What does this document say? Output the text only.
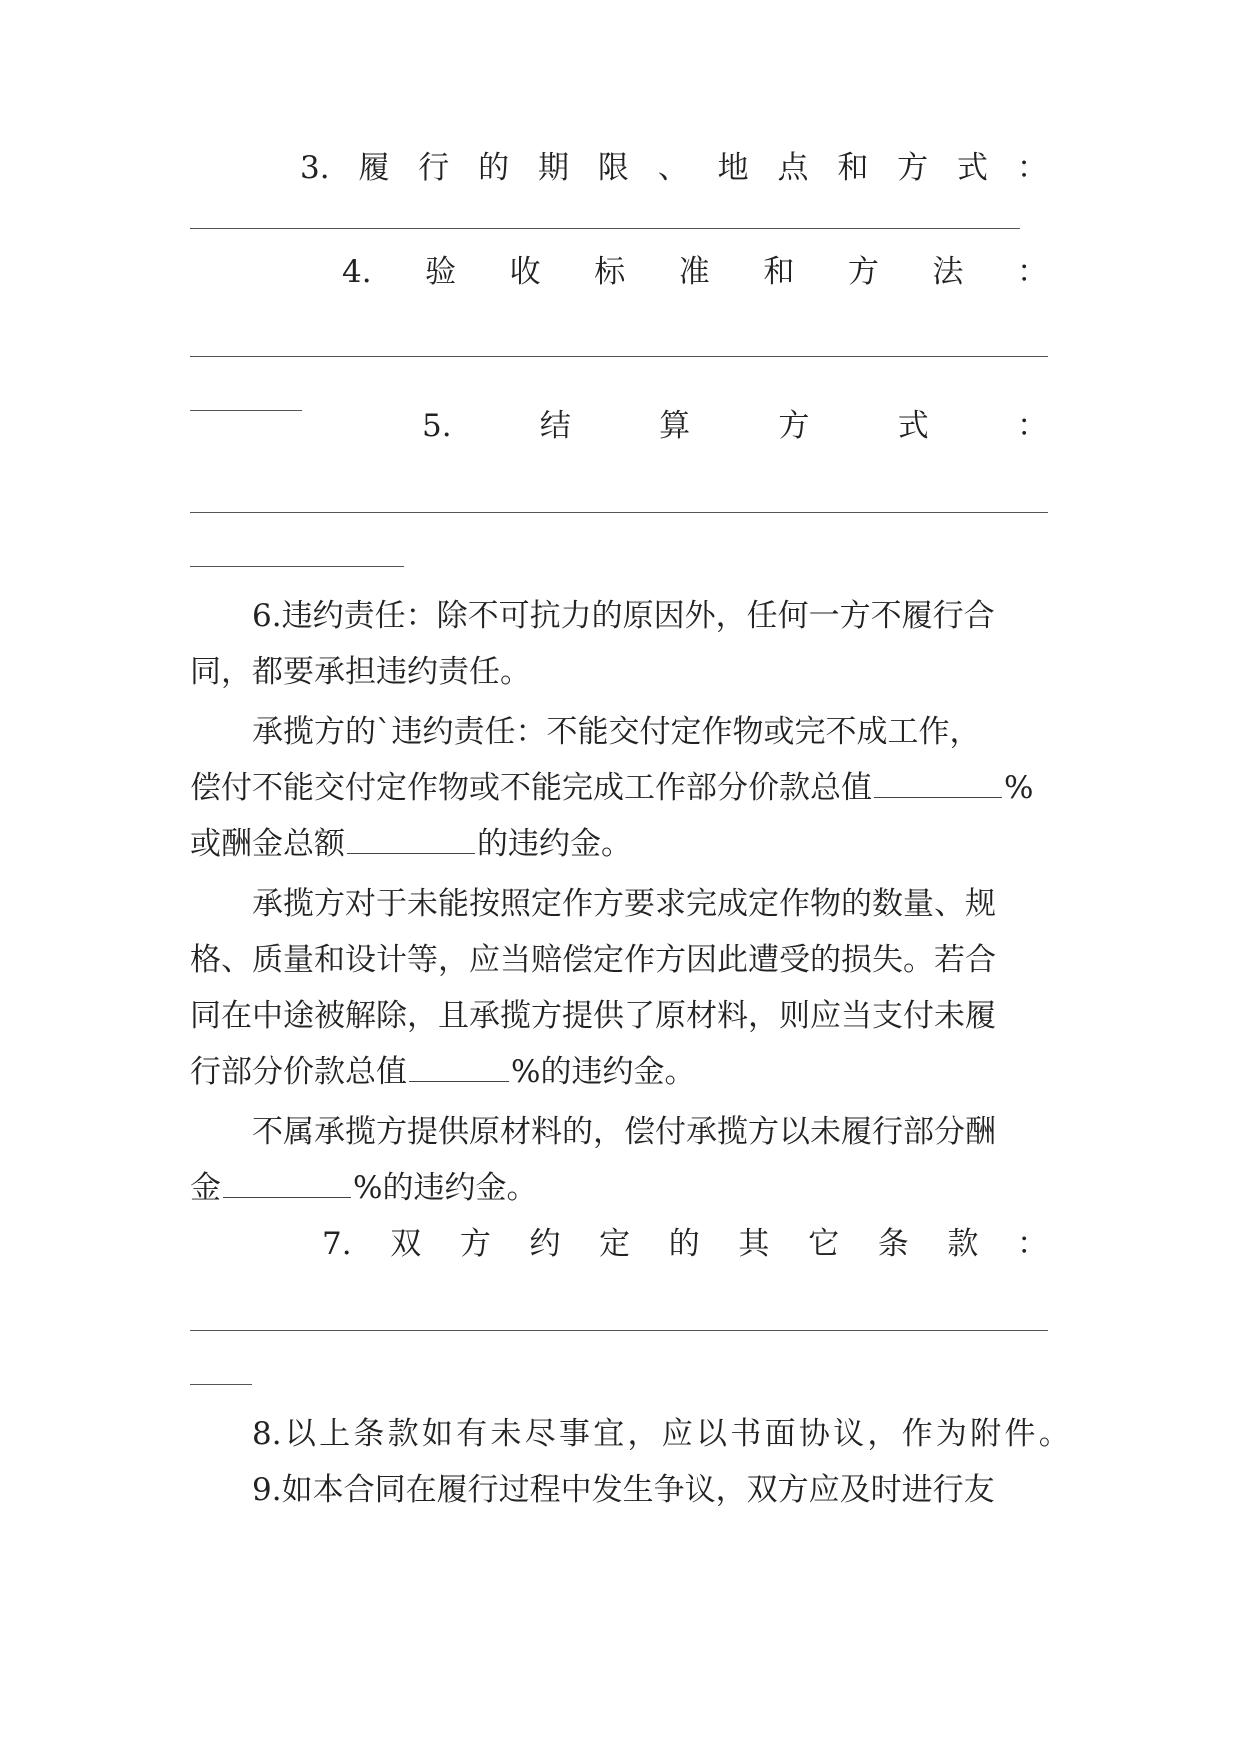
3. 履 行 的 期 限 、 地 点 和 方 式 ：
4. 验 收 标 准 和 方 法 ：
5.	结	算	方	式	：
6.违约责任：除不可抗力的原因外，任何一方不履行合
同，都要承担违约责任。
承揽方的`违约责任：不能交付定作物或完不成工作，
偿付不能交付定作物或不能完成工作部分价款总值	%
或酬金总额	的违约金。
承揽方对于未能按照定作方要求完成定作物的数量、规
格、质量和设计等，应当赔偿定作方因此遭受的损失。若合
同在中途被解除，且承揽方提供了原材料，则应当支付未履
行部分价款总值	%的违约金。
不属承揽方提供原材料的，偿付承揽方以未履行部分酬
金	%的违约金。
7. 双 方 约 定 的 其 它 条 款 ：
8. 以 上 条 款 如 有 未 尽 事 宜 ， 应 以 书 面 协 议 ， 作 为 附 件 。
9.如本合同在履行过程中发生争议，双方应及时进行友
